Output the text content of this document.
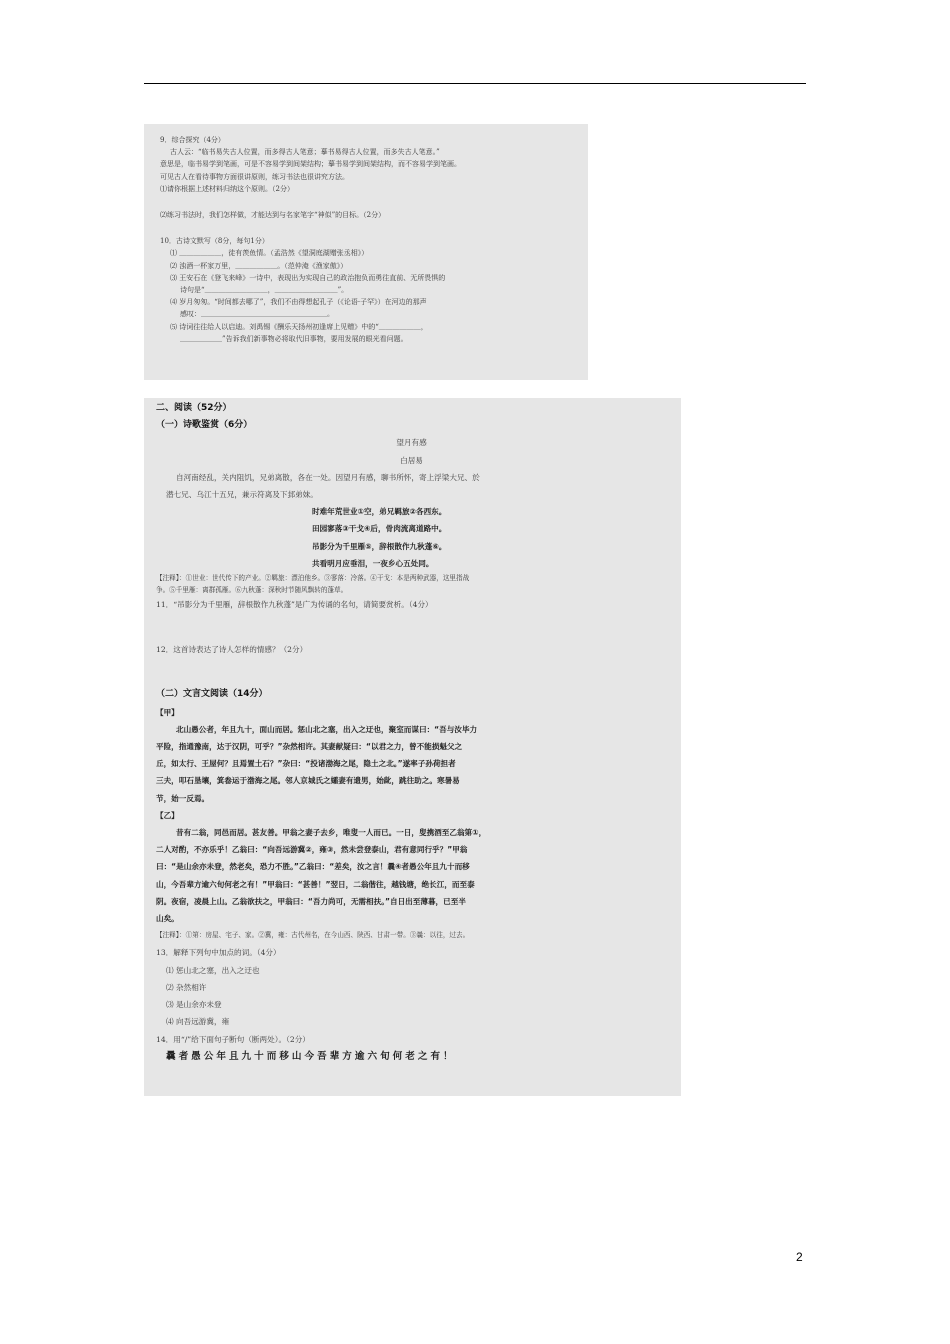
9．综合探究（4分）
古人云：“临书易失古人位置，而多得古人笔意；摹书易得古人位置，而多失古人笔意。”
意思是，临书易学到笔画，可是不容易学到间架结构；摹书易学到间架结构，而不容易学到笔画。
可见古人在看待事物方面很讲原则，练习书法也很讲究方法。
⑴请你根据上述材料归纳这个原则。（2分）
⑵练习书法时，我们怎样做，才能达到与名家笔字“神似”的目标。（2分）
10．古诗文默写（8分，每句1分）
⑴ ＿＿＿＿＿＿，徒有羡鱼情。（孟浩然《望洞庭湖赠张丞相》）
⑵ 浊酒一杯家万里，＿＿＿＿＿＿。（范仲淹《渔家傲》）
⑶ 王安石在《登飞来峰》一诗中，表现出为实现自己的政治抱负而勇往直前、无所畏惧的
诗句是“＿＿＿＿＿＿＿＿＿，＿＿＿＿＿＿＿＿＿”。
⑷ 岁月匆匆。“时间都去哪了”，我们不由得想起孔子（《论语·子罕》）在河边的那声
感叹：＿＿＿＿＿＿＿＿＿＿＿＿＿＿＿＿＿＿。
⑸ 诗词往往给人以启迪。刘禹锡《酬乐天扬州初逢席上见赠》中的“＿＿＿＿＿＿，
＿＿＿＿＿＿”告诉我们新事物必将取代旧事物，要用发展的眼光看问题。
二、阅读（52分）
（一）诗歌鉴赏（6分）
望月有感
白居易
自河南经乱，关内阻饥，兄弟离散，各在一处。因望月有感，聊书所怀，寄上浮梁大兄、於
潜七兄、乌江十五兄，兼示符离及下邽弟妹。
时难年荒世业①空，弟兄羁旅②各西东。
田园寥落③干戈④后，骨肉流离道路中。
吊影分为千里雁⑤，辞根散作九秋蓬⑥。
共看明月应垂泪，一夜乡心五处同。
【注释】：①世业：世代传下的产业。②羁旅：漂泊他乡。③寥落：冷落。④干戈：本是两种武器，这里指战
争。⑤千里雁：离群孤雁。⑥九秋蓬：深秋时节随风飘转的蓬草。
11．“吊影分为千里雁，辞根散作九秋蓬”是广为传诵的名句，请简要赏析。（4分）
12．这首诗表达了诗人怎样的情感？（2分）
（二）文言文阅读（14分）
【甲】
北山愚公者，年且九十，面山而居。惩山北之塞，出入之迂也，聚室而谋曰：“吾与汝毕力
平险，指通豫南，达于汉阴，可乎？”杂然相许。其妻献疑曰：“以君之力，曾不能损魁父之
丘，如太行、王屋何？且焉置土石？”杂曰：“投诸渤海之尾，隐土之北。”遂率子孙荷担者
三夫，叩石垦壤，箕畚运于渤海之尾。邻人京城氏之孀妻有遗男，始龀，跳往助之。寒暑易
节，始一反焉。
【乙】
昔有二翁，同邑而居。甚友善。甲翁之妻子去乡，唯叟一人而已。一日，叟携酒至乙翁第①，
二人对酌，不亦乐乎！乙翁曰：“向吾远游冀②，雍③，然未尝登泰山，君有意同行乎？”甲翁
曰：“是山余亦未登，然老矣，恐力不胜。”乙翁曰：“差矣，汝之言！曩④者愚公年且九十而移
山，今吾辈方逾六旬何老之有！”甲翁曰：“甚善！”翌日，二翁偕往，越钱塘，绝长江，而至泰
阴。夜宿，凌晨上山。乙翁欲扶之，甲翁曰：“吾力尚可，无需相扶。”自日出至薄暮，已至半
山矣。
【注释】：①第：房屋、宅子、家。②冀，雍：古代州名，在今山西、陕西、甘肃一带。③曩：以往，过去。
13．解释下列句中加点的词。（4分）
⑴ 惩山北之塞，出入之迂也
⑵ 杂然相许
⑶ 是山余亦未登
⑷ 向吾远游冀，雍
14．用“/”给下面句子断句（断两处）。（2分）
曩者愚公年且九十而移山今吾辈方逾六旬何老之有！
2
